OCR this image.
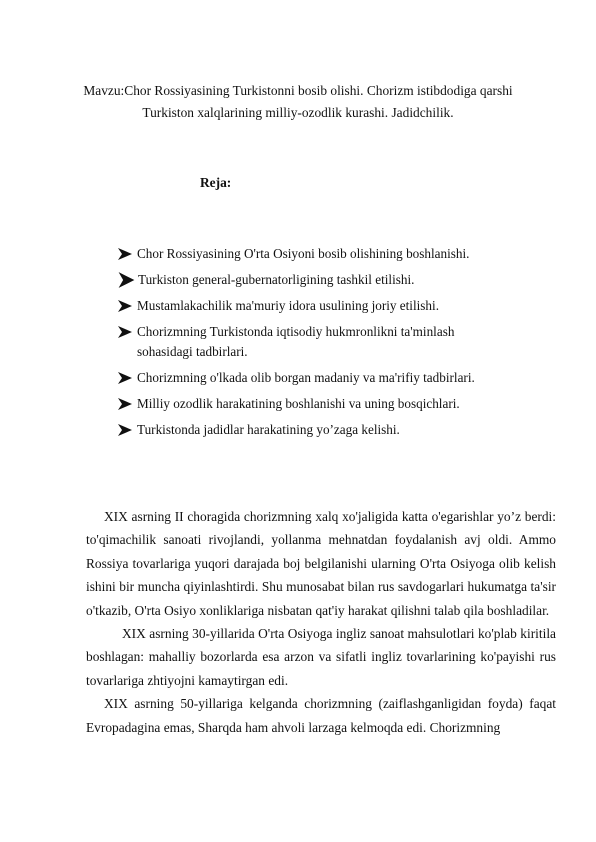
Mavzu:Chor Rossiyasining Turkistonni bosib olishi. Chorizm istibdodiga qarshi Turkiston xalqlarining milliy-ozodlik kurashi. Jadidchilik.
Reja:
Chor Rossiyasining O'rta Osiyoni bosib olishining boshlanishi.
Turkiston general-gubernatorligining tashkil etilishi.
Mustamlakachilik ma'muriy idora usulining joriy etilishi.
Chorizmning Turkistonda iqtisodiy hukmronlikni ta'minlash sohasidagi tadbirlari.
Chorizmning o'lkada olib borgan madaniy va ma'rifiy tadbirlari.
Milliy ozodlik harakatining boshlanishi va uning bosqichlari.
Turkistonda jadidlar harakatining yo’zaga kelishi.

XIX asrning II choragida chorizmning xalq xo'jaligida katta o'egarishlar yo’z berdi: to'qimachilik sanoati rivojlandi, yollanma mehnatdan foydalanish avj oldi. Ammo Rossiya tovarlariga yuqori darajada boj belgilanishi ularning O'rta Osiyoga olib kelish ishini bir muncha qiyinlashtirdi. Shu munosabat bilan rus savdogarlari hukumatga ta'sir o'tkazib, O'rta Osiyo xonliklariga nisbatan qat'iy harakat qilishni talab qila boshladilar.

XIX asrning 30-yillarida O'rta Osiyoga ingliz sanoat mahsulotlari ko'plab kiritila boshlagan: mahalliy bozorlarda esa arzon va sifatli ingliz tovarlarining ko'payishi rus tovarlariga zhtiyojni kamaytirgan edi.

XIX asrning 50-yillariga kelganda chorizmning (zaiflashganligidan foyda) faqat Evropadagina emas, Sharqda ham ahvoli larzaga kelmoqda edi. Chorizmning
